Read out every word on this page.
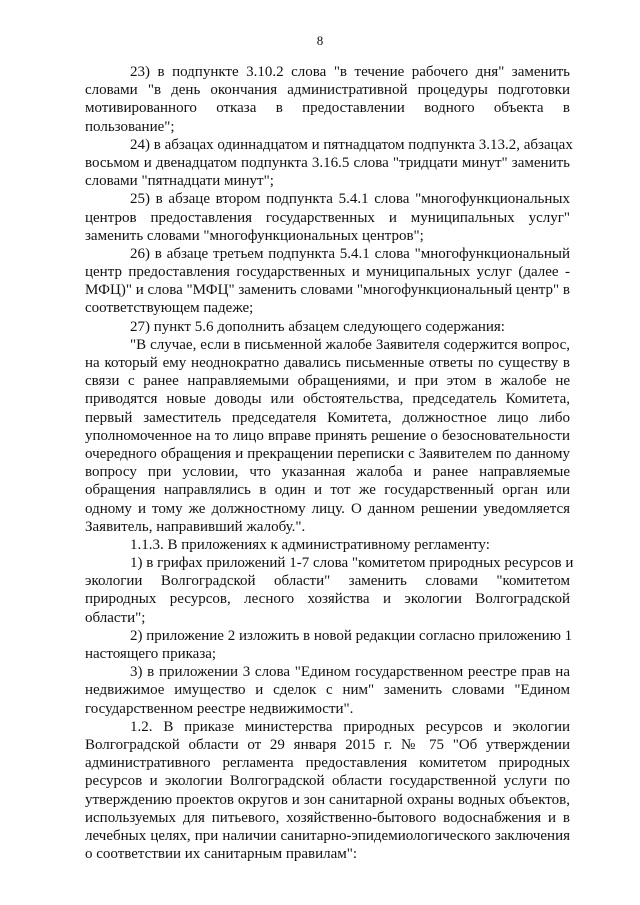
8
23) в подпункте 3.10.2 слова "в течение рабочего дня" заменить
словами "в день окончания административной процедуры подготовки
мотивированного отказа в предоставлении водного объекта в
пользование";
24) в абзацах одиннадцатом и пятнадцатом подпункта 3.13.2, абзацах
восьмом и двенадцатом подпункта 3.16.5 слова "тридцати минут" заменить
словами "пятнадцати минут";
25) в абзаце втором подпункта 5.4.1 слова "многофункциональных
центров предоставления государственных и муниципальных услуг"
заменить словами "многофункциональных центров";
26) в абзаце третьем подпункта 5.4.1 слова "многофункциональный
центр предоставления государственных и муниципальных услуг (далее -
МФЦ)" и слова "МФЦ" заменить словами "многофункциональный центр" в
соответствующем падеже;
27) пункт 5.6 дополнить абзацем следующего содержания:
"В случае, если в письменной жалобе Заявителя содержится вопрос,
на который ему неоднократно давались письменные ответы по существу в
связи с ранее направляемыми обращениями, и при этом в жалобе не
приводятся новые доводы или обстоятельства, председатель Комитета,
первый заместитель председателя Комитета, должностное лицо либо
уполномоченное на то лицо вправе принять решение о безосновательности
очередного обращения и прекращении переписки с Заявителем по данному
вопросу при условии, что указанная жалоба и ранее направляемые
обращения направлялись в один и тот же государственный орган или
одному и тому же должностному лицу. О данном решении уведомляется
Заявитель, направивший жалобу.".
1.1.3. В приложениях к административному регламенту:
1) в грифах приложений 1-7 слова "комитетом природных ресурсов и
экологии Волгоградской области" заменить словами "комитетом
природных ресурсов, лесного хозяйства и экологии Волгоградской
области";
2) приложение 2 изложить в новой редакции согласно приложению 1
настоящего приказа;
3) в приложении 3 слова "Едином государственном реестре прав на
недвижимое имущество и сделок с ним" заменить словами "Едином
государственном реестре недвижимости".
1.2. В приказе министерства природных ресурсов и экологии
Волгоградской области от 29 января 2015 г. № 75 "Об утверждении
административного регламента предоставления комитетом природных
ресурсов и экологии Волгоградской области государственной услуги по
утверждению проектов округов и зон санитарной охраны водных объектов,
используемых для питьевого, хозяйственно-бытового водоснабжения и в
лечебных целях, при наличии санитарно-эпидемиологического заключения
о соответствии их санитарным правилам":
